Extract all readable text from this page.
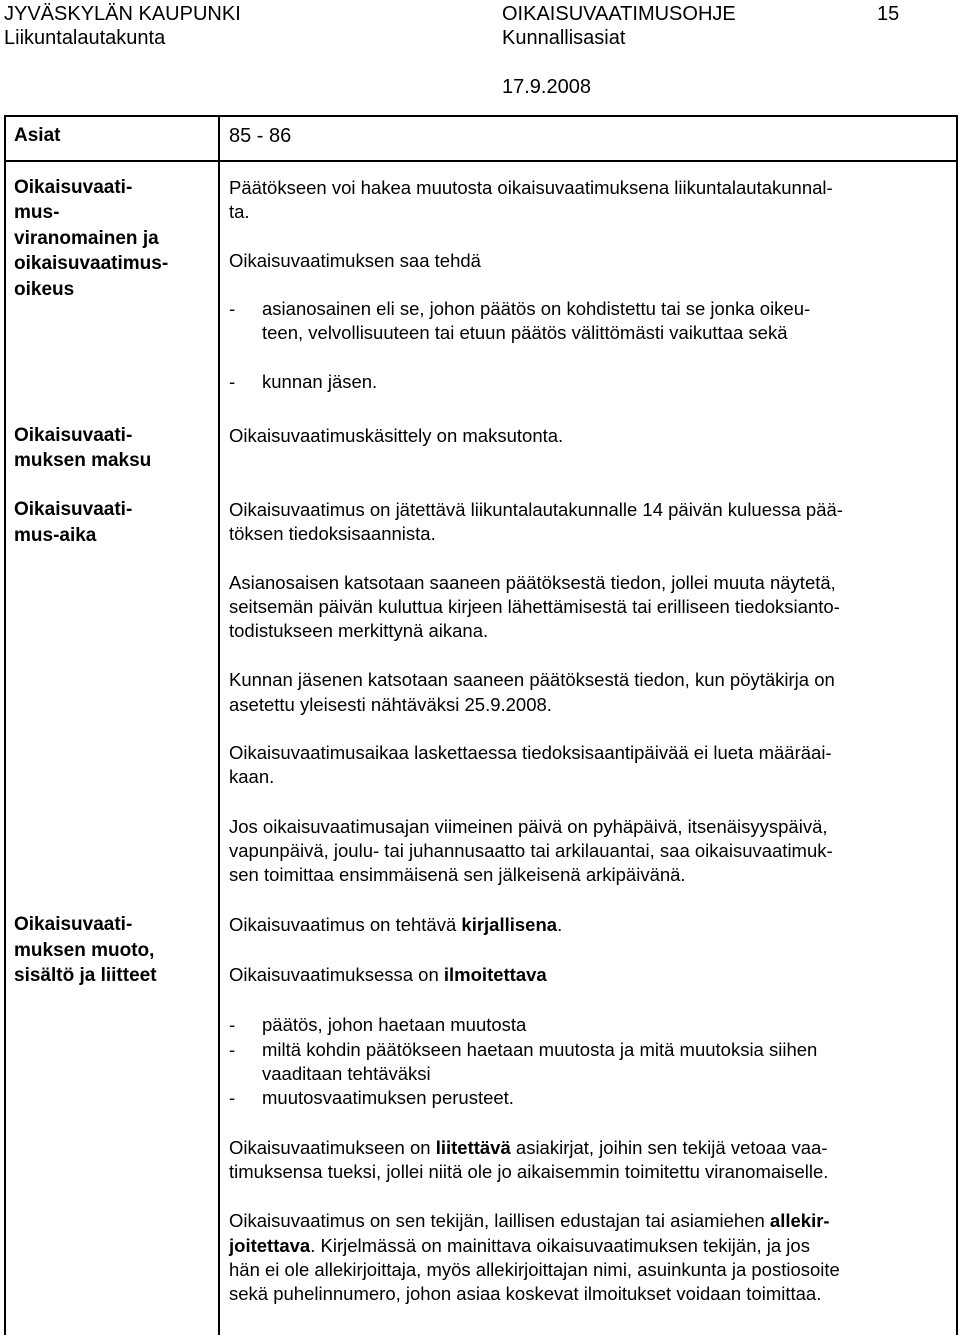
JYVÄSKYLÄN KAUPUNKI
Liikuntalautakunta
OIKAISUVAATIMUSOHJE
Kunnallisasiat
15
17.9.2008
Asiat	85 - 86
Oikaisuvaati-
mus-
viranomainen ja
oikaisuvaatimus-
oikeus
Oikaisuvaati-
muksen maksu
Oikaisuvaati-
mus-aika
Oikaisuvaati-
muksen muoto,
sisältö ja liitteet
Päätökseen voi hakea muutosta oikaisuvaatimuksena liikuntalautakunnal-
ta.
Oikaisuvaatimuksen saa tehdä
- asianosainen eli se, johon päätös on kohdistettu tai se jonka oikeu-
teen, velvollisuuteen tai etuun päätös välittömästi vaikuttaa sekä
- kunnan jäsen.
Oikaisuvaatimuskäsittely on maksutonta.
Oikaisuvaatimus on jätettävä liikuntalautakunnalle 14 päivän kuluessa pää-
töksen tiedoksisaannista.
Asianosaisen katsotaan saaneen päätöksestä tiedon, jollei muuta näytetä,
seitsemän päivän kuluttua kirjeen lähettämisestä tai erilliseen tiedoksianto-
todistukseen merkittynä aikana.
Kunnan jäsenen katsotaan saaneen päätöksestä tiedon, kun pöytäkirja on
asetettu yleisesti nähtäväksi 25.9.2008.
Oikaisuvaatimusaikaa laskettaessa tiedoksisaantipäivää ei lueta määräai-
kaan.
Jos oikaisuvaatimusajan viimeinen päivä on pyhäpäivä, itsenäisyyspäivä,
vapunpäivä, joulu- tai juhannusaatto tai arkilauantai, saa oikaisuvaatimuk-
sen toimittaa ensimmäisenä sen jälkeisenä arkipäivänä.
Oikaisuvaatimus on tehtävä kirjallisena.
Oikaisuvaatimuksessa on ilmoitettava
- päätös, johon haetaan muutosta
- miltä kohdin päätökseen haetaan muutosta ja mitä muutoksia siihen
vaaditaan tehtäväksi
- muutosvaatimuksen perusteet.
Oikaisuvaatimukseen on liitettävä asiakirjat, joihin sen tekijä vetoaa vaa-
timuksensa tueksi, jollei niitä ole jo aikaisemmin toimitettu viranomaiselle.
Oikaisuvaatimus on sen tekijän, laillisen edustajan tai asiamiehen allekir-
joitettava. Kirjelmässä on mainittava oikaisuvaatimuksen tekijän, ja jos
hän ei ole allekirjoittaja, myös allekirjoittajan nimi, asuinkunta ja postiosoite
sekä puhelinnumero, johon asiaa koskevat ilmoitukset voidaan toimittaa.
